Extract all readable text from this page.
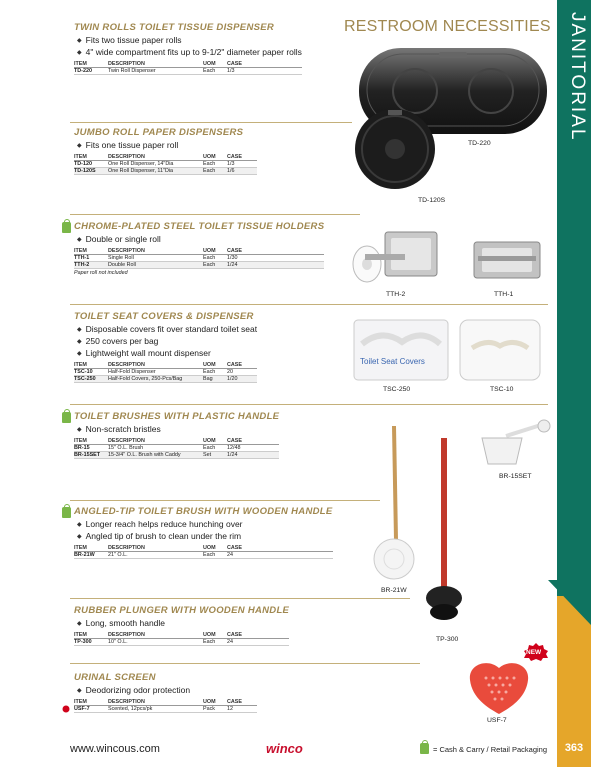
RESTROOM NECESSITIES JANITORIAL
363
TWIN ROLLS TOILET TISSUE DISPENSER
◆ Fits two tissue paper rolls
◆ 4" wide compartment fits up to 9-1/2" diameter paper rolls
ITEM	DESCRIPTION	UOM	CASE
TD-220	Twin Roll Dispenser	Each	1/3
JUMBO ROLL PAPER DISPENSERS
◆ Fits one tissue paper roll
ITEM	DESCRIPTION	UOM	CASE
TD-120	One Roll Dispenser, 14"Dia	Each	1/3
TD-120S	One Roll Dispenser, 11"Dia	Each	1/6
CHROME-PLATED STEEL TOILET TISSUE HOLDERS
◆ Double or single roll
ITEM	DESCRIPTION	UOM	CASE
TTH-1	Single Roll	Each	1/30
TTH-2	Double Roll	Each	1/24
Paper roll not included
TOILET SEAT COVERS & DISPENSER
◆ Disposable covers fit over standard toilet seat
◆ 250 covers per bag
◆ Lightweight wall mount dispenser
ITEM	DESCRIPTION	UOM	CASE
TSC-10	Half-Fold Dispenser	Each	20
TSC-250	Half-Fold Covers, 250-Pcs/Bag	Bag	1/20
TOILET BRUSHES WITH PLASTIC HANDLE
◆ Non-scratch bristles
ITEM	DESCRIPTION	UOM	CASE
BR-15	15" O.L. Brush	Each	12/48
BR-15SET	15-3/4" O.L. Brush with Caddy	Set	1/24
ANGLED-TIP TOILET BRUSH WITH WOODEN HANDLE
◆ Longer reach helps reduce hunching over
◆ Angled tip of brush to clean under the rim
ITEM	DESCRIPTION	UOM	CASE
BR-21W	21" O.L.	Each	24
RUBBER PLUNGER WITH WOODEN HANDLE
◆ Long, smooth handle
ITEM	DESCRIPTION	UOM	CASE
TP-300	10" O.L.	Each	24
URINAL SCREEN
◆ Deodorizing odor protection
ITEM	DESCRIPTION	UOM	CASE
USF-7	Scented, 12pcs/pk	Pack	12
TD-220
TD-120S
TTH-2	TTH-1
Toilet Seat Covers
TSC-250	TSC-10
BR-15SET
BR-21W
TP-300
NEW
USF-7
www.wincous.com	winco	= Cash & Carry / Retail Packaging
